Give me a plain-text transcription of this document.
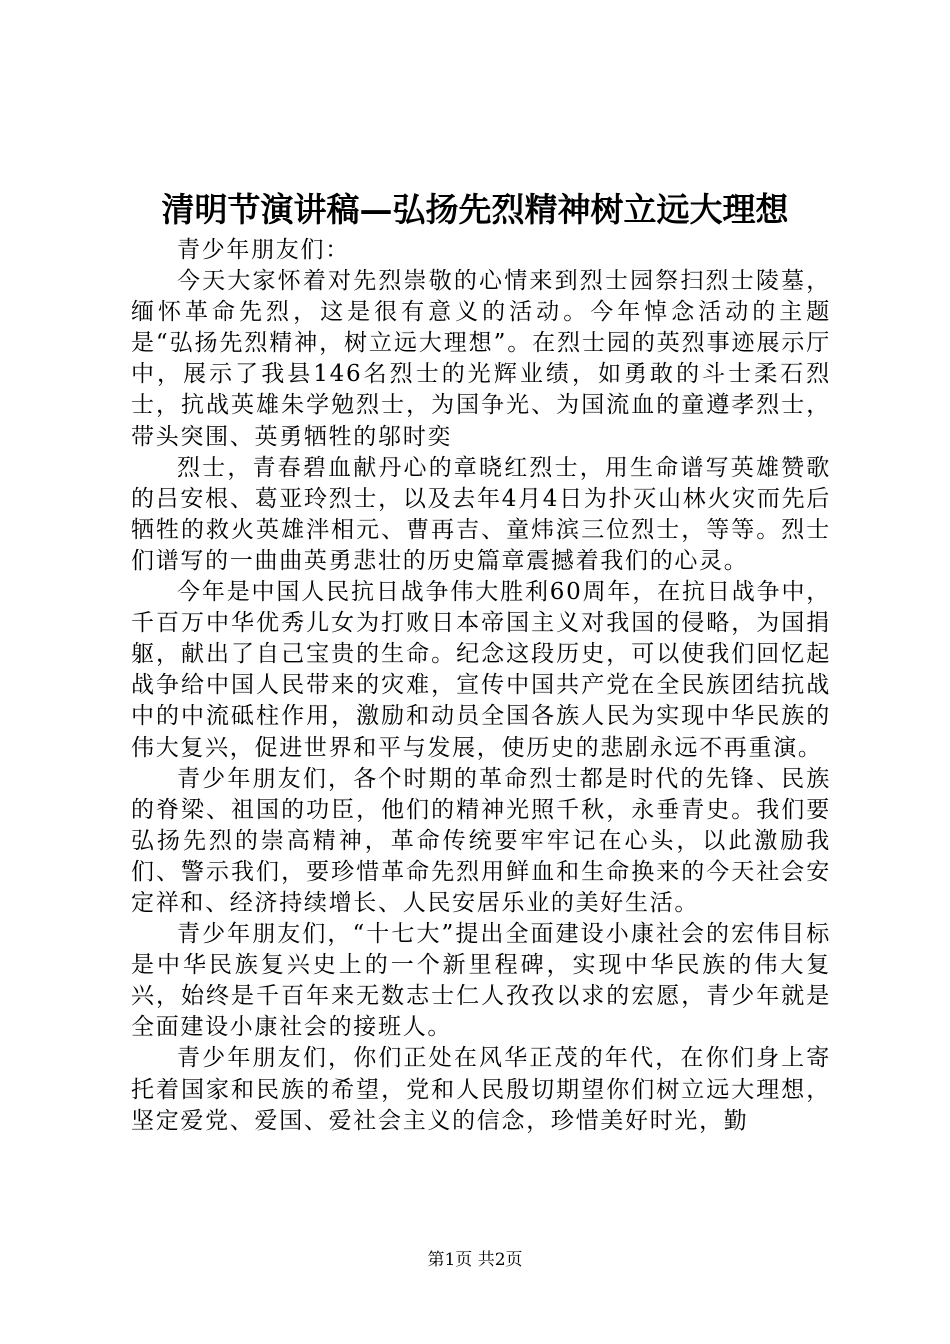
清明节演讲稿—弘扬先烈精神树立远大理想

青少年朋友们：

今天大家怀着对先烈崇敬的心情来到烈士园祭扫烈士陵墓，缅怀革命先烈，这是很有意义的活动。今年悼念活动的主题是“弘扬先烈精神，树立远大理想”。在烈士园的英烈事迹展示厅中，展示了我县146名烈士的光辉业绩，如勇敢的斗士柔石烈士，抗战英雄朱学勉烈士，为国争光、为国流血的童遵孝烈士，带头突围、英勇牺牲的邬时奕

烈士，青春碧血献丹心的章晓红烈士，用生命谱写英雄赞歌的吕安根、葛亚玲烈士，以及去年4月4日为扑灭山林火灾而先后牺牲的救火英雄泮相元、曹再吉、童炜滨三位烈士，等等。烈士们谱写的一曲曲英勇悲壮的历史篇章震撼着我们的心灵。

今年是中国人民抗日战争伟大胜利60周年，在抗日战争中，千百万中华优秀儿女为打败日本帝国主义对我国的侵略，为国捐躯，献出了自己宝贵的生命。纪念这段历史，可以使我们回忆起战争给中国人民带来的灾难，宣传中国共产党在全民族团结抗战中的中流砥柱作用，激励和动员全国各族人民为实现中华民族的伟大复兴，促进世界和平与发展，使历史的悲剧永远不再重演。

青少年朋友们，各个时期的革命烈士都是时代的先锋、民族的脊梁、祖国的功臣，他们的精神光照千秋，永垂青史。我们要弘扬先烈的崇高精神，革命传统要牢牢记在心头，以此激励我们、警示我们，要珍惜革命先烈用鲜血和生命换来的今天社会安定祥和、经济持续增长、人民安居乐业的美好生活。

青少年朋友们，“十七大”提出全面建设小康社会的宏伟目标是中华民族复兴史上的一个新里程碑，实现中华民族的伟大复兴，始终是千百年来无数志士仁人孜孜以求的宏愿，青少年就是全面建设小康社会的接班人。

青少年朋友们，你们正处在风华正茂的年代，在你们身上寄托着国家和民族的希望，党和人民殷切期望你们树立远大理想，坚定爱党、爱国、爱社会主义的信念，珍惜美好时光，勤

第1页 共2页
